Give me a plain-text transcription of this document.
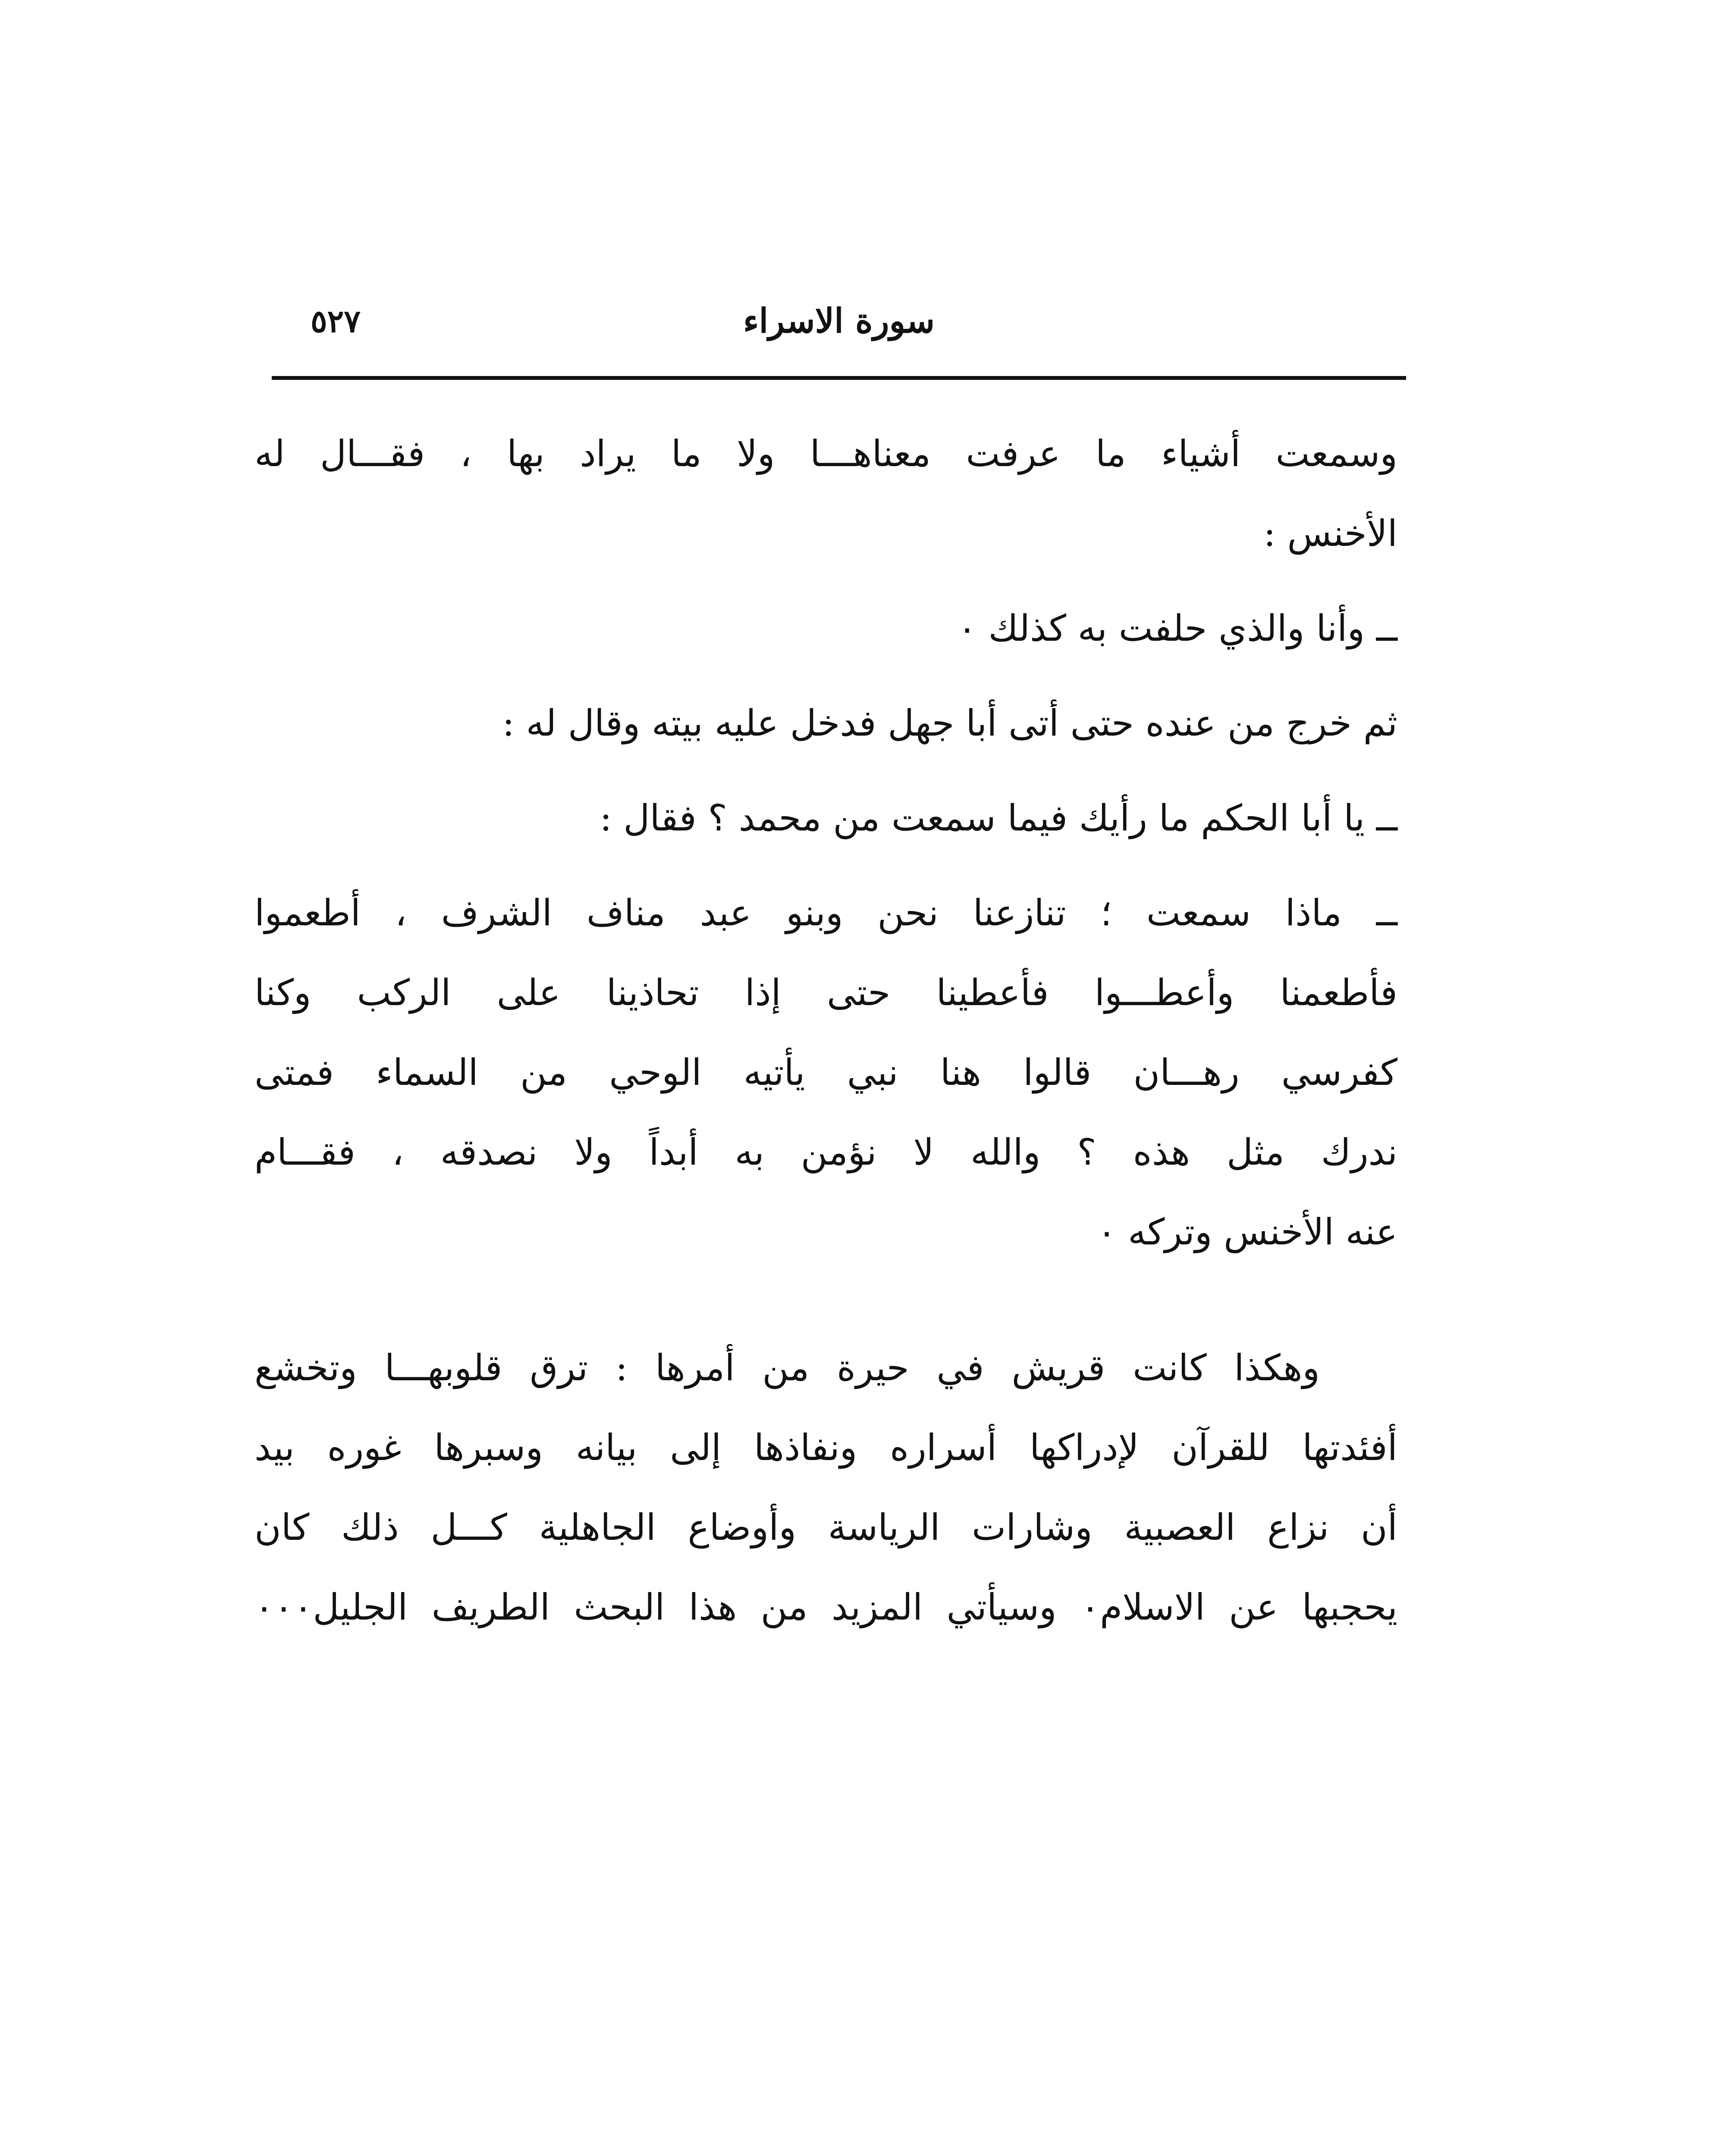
٥٢٧	سورة الاسراء
وسمعت أشياء ما عرفت معناهـــا ولا ما يراد بها ، فقـــال له
الأخنس :
ــ وأنا والذي حلفت به كذلك ٠
ثم خرج من عنده حتى أتى أبا جهل فدخل عليه بيته وقال له :
ــ يا أبا الحكم ما رأيك فيما سمعت من محمد ؟ فقال :
ــ ماذا سمعت ؛ تنازعنا نحن وبنو عبد مناف الشرف ، أطعموا
فأطعمنا وأعطـــوا فأعطينا حتى إذا تحاذينا على الركب وكنا
كفرسي رهـــان قالوا هنا نبي يأتيه الوحي من السماء فمتى
ندرك مثل هذه ؟ والله لا نؤمن به أبداً ولا نصدقه ، فقـــام
عنه الأخنس وتركه ٠
وهكذا كانت قريش في حيرة من أمرها : ترق قلوبهـــا وتخشع
أفئدتها للقرآن لإدراكها أسراره ونفاذها إلى بيانه وسبرها غوره بيد
أن نزاع العصبية وشارات الرياسة وأوضاع الجاهلية كـــل ذلك كان
يحجبها عن الاسلام٠ وسيأتي المزيد من هذا البحث الطريف الجليل٠٠٠
